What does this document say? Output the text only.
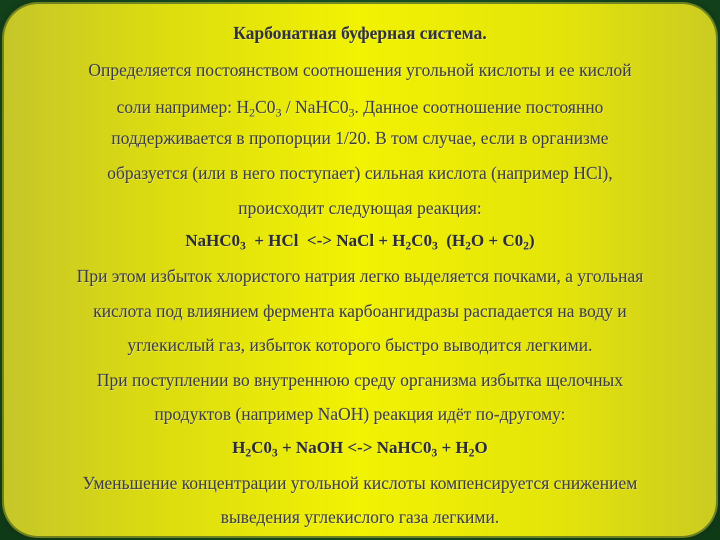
Карбонатная буферная система.
Определяется постоянством соотношения угольной кислоты и ее кислой
соли например: $H_2C0_3$ / $NaHC0_3$. Данное соотношение постоянно
поддерживается в пропорции 1/20. В том случае, если в организме
образуется (или в него поступает) сильная кислота (например HCl),
происходит следующая реакция:
$NaHC0_3$  + HCl  <-> NaCl + $H_2C0_3$  $(H_2O + C0_2)$
При этом избыток хлористого натрия легко выделяется почками, а угольная
кислота под влиянием фермента карбоангидразы распадается на воду и
углекислый газ, избыток которого быстро выводится легкими.
При поступлении во внутреннюю среду организма избытка щелочных
продуктов (например NaOH) реакция идёт по-другому:
$H_2C0_3$ + NaOH <-> $NaHC0_3 + H_2O$
Уменьшение концентрации угольной кислоты компенсируется снижением
выведения углекислого газа легкими.
